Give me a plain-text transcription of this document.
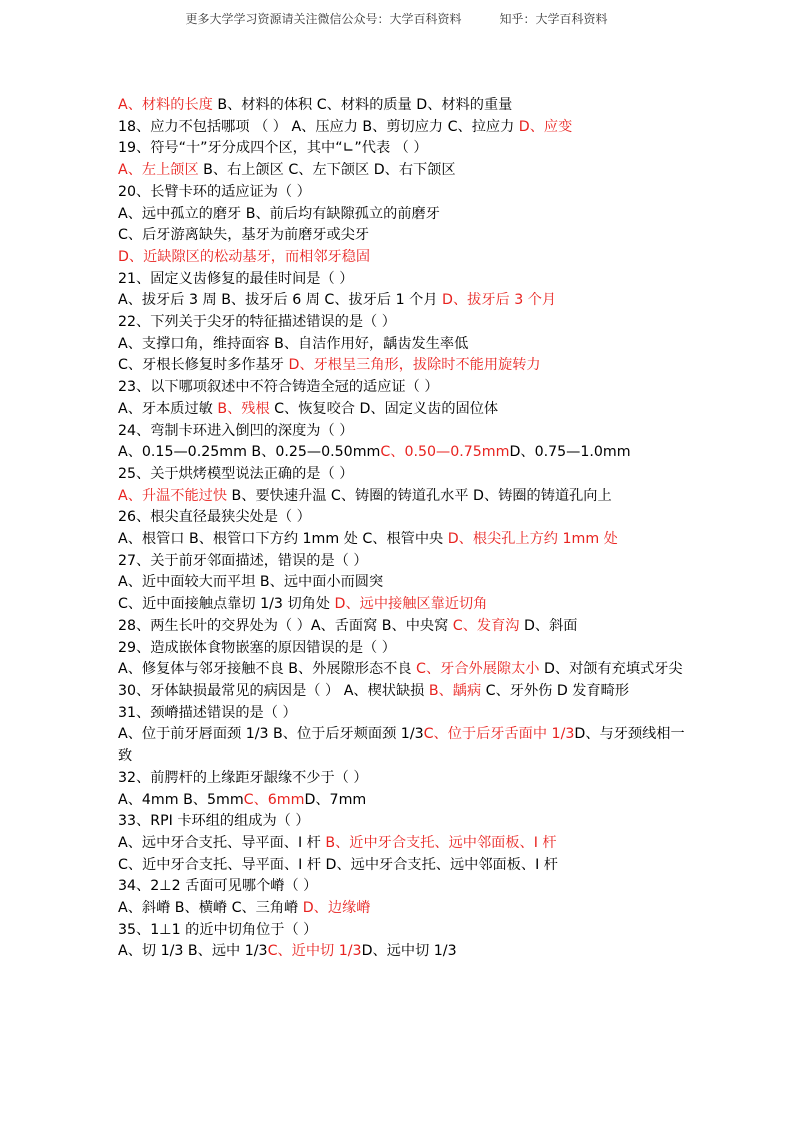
更多大学学习资源请关注微信公众号：大学百科资料	知乎：大学百科资料
A、材料的长度 B、材料的体积 C、材料的质量 D、材料的重量
18、应力不包括哪项 （ ） A、压应力 B、剪切应力 C、拉应力 D、应变
19、符号“十”牙分成四个区，其中“∟”代表 （ ）
A、左上颌区 B、右上颌区 C、左下颌区 D、右下颌区
20、长臂卡环的适应证为（ ）
A、远中孤立的磨牙 B、前后均有缺隙孤立的前磨牙
C、后牙游离缺失，基牙为前磨牙或尖牙
D、近缺隙区的松动基牙，而相邻牙稳固
21、固定义齿修复的最佳时间是（ ）
A、拔牙后 3 周 B、拔牙后 6 周 C、拔牙后 1 个月 D、拔牙后 3 个月
22、下列关于尖牙的特征描述错误的是（ ）
A、支撑口角，维持面容 B、自洁作用好，龋齿发生率低
C、牙根长修复时多作基牙 D、牙根呈三角形，拔除时不能用旋转力
23、以下哪项叙述中不符合铸造全冠的适应证（ ）
A、牙本质过敏 B、残根 C、恢复咬合 D、固定义齿的固位体
24、弯制卡环进入倒凹的深度为（ ）
A、0.15—0.25mm B、0.25—0.50mmC、0.50—0.75mmD、0.75—1.0mm
25、关于烘烤模型说法正确的是（ ）
A、升温不能过快 B、要快速升温 C、铸圈的铸道孔水平 D、铸圈的铸道孔向上
26、根尖直径最狭尖处是（ ）
A、根管口 B、根管口下方约 1mm 处 C、根管中央 D、根尖孔上方约 1mm 处
27、关于前牙邻面描述，错误的是（ ）
A、近中面较大而平坦 B、远中面小而圆突
C、近中面接触点靠切 1/3 切角处 D、远中接触区靠近切角
28、两生长叶的交界处为（ ）A、舌面窝 B、中央窝 C、发育沟 D、斜面
29、造成嵌体食物嵌塞的原因错误的是（ ）
A、修复体与邻牙接触不良 B、外展隙形态不良 C、牙合外展隙太小 D、对颌有充填式牙尖
30、牙体缺损最常见的病因是（ ） A、楔状缺损 B、龋病 C、牙外伤 D 发育畸形
31、颈嵴描述错误的是（ ）
A、位于前牙唇面颈 1/3 B、位于后牙颊面颈 1/3C、位于后牙舌面中 1/3D、与牙颈线相一致
32、前腭杆的上缘距牙龈缘不少于（ ）
A、4mm B、5mmC、6mmD、7mm
33、RPI 卡环组的组成为（ ）
A、远中牙合支托、导平面、I 杆 B、近中牙合支托、远中邻面板、I 杆
C、近中牙合支托、导平面、I 杆 D、远中牙合支托、远中邻面板、I 杆
34、2⊥2 舌面可见哪个嵴（ ）
A、斜嵴 B、横嵴 C、三角嵴 D、边缘嵴
35、1⊥1 的近中切角位于（ ）
A、切 1/3 B、远中 1/3C、近中切 1/3D、远中切 1/3
